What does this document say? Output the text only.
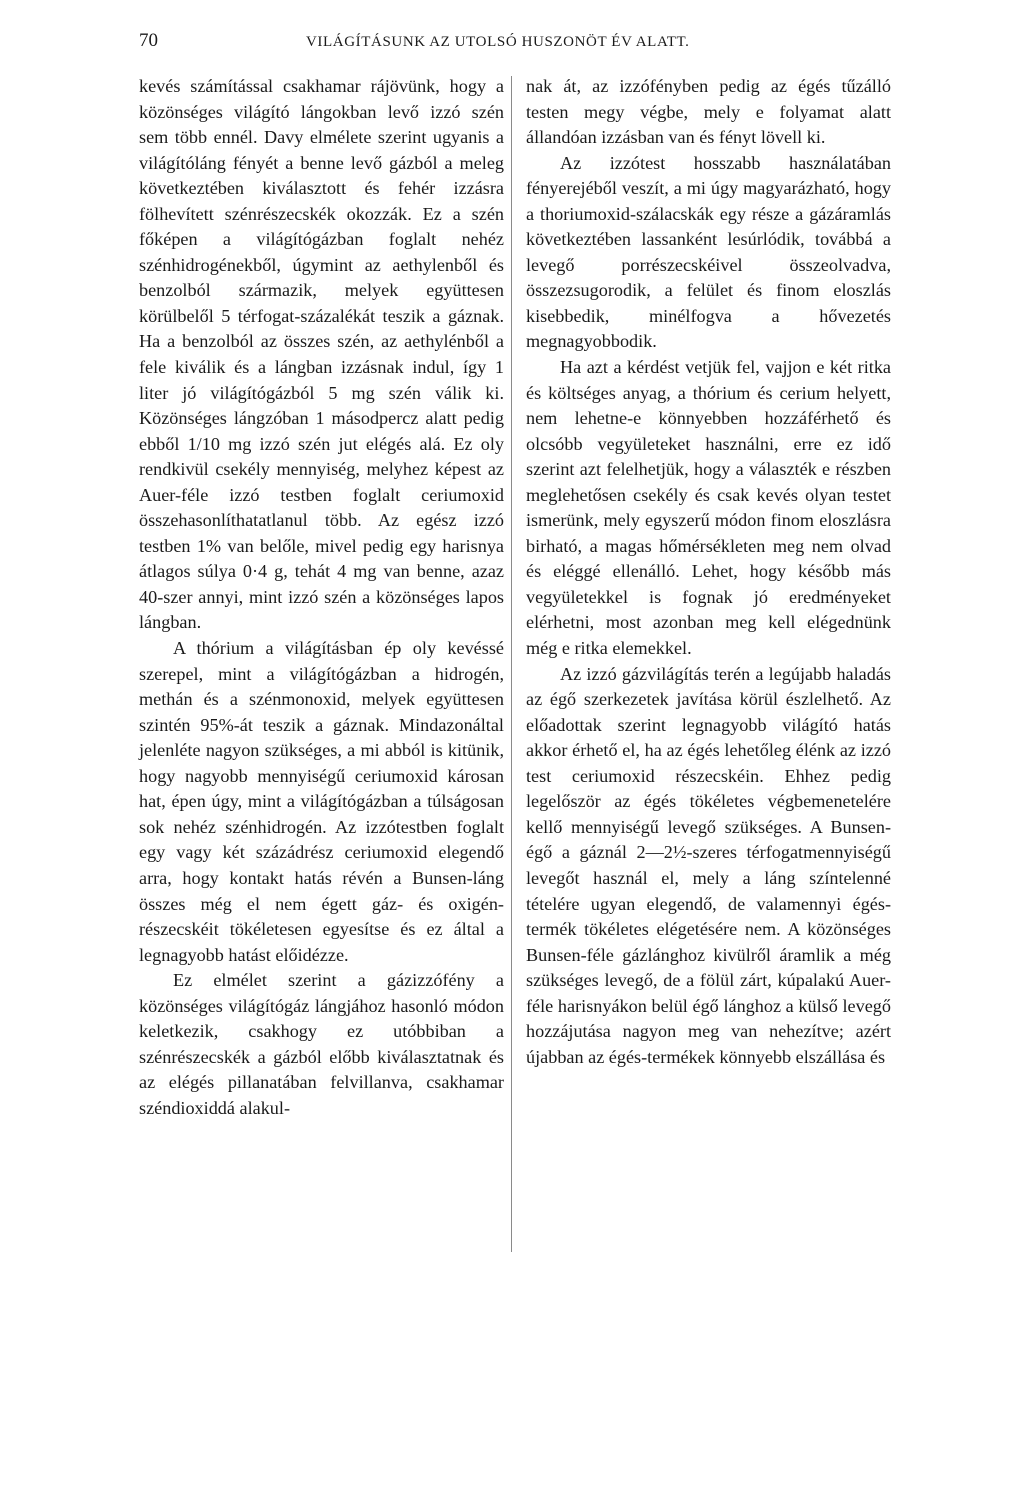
70	VILÁGÍTÁSUNK AZ UTOLSÓ HUSZONÖT ÉV ALATT.

kevés számítással csakhamar rájövünk, hogy a közönséges világító lángokban levő izzó szén sem több ennél. Davy elmélete szerint ugyanis a világítóláng fényét a benne levő gázból a meleg következtében kiválasztott és fehér izzásra fölhevített szénrészecskék okozzák. Ez a szén főképen a világítógázban foglalt nehéz szénhidrogénekből, úgymint az aethylenből és benzolból származik, melyek együttesen körülbelől 5 térfogat-százalékát teszik a gáznak. Ha a benzolból az összes szén, az aethylénből a fele kiválik és a lángban izzásnak indul, így 1 liter jó világítógázból 5 mg szén válik ki. Közönséges lángzóban 1 másodpercz alatt pedig ebből 1/10 mg izzó szén jut elégés alá. Ez oly rendkivül csekély mennyiség, melyhez képest az Auer-féle izzó testben foglalt ceriumoxid összehasonlíthatatlanul több. Az egész izzó testben 1% van belőle, mivel pedig egy harisnya átlagos súlya 0·4 g, tehát 4 mg van benne, azaz 40-szer annyi, mint izzó szén a közönséges lapos lángban.

A thórium a világításban ép oly kevéssé szerepel, mint a világítógázban a hidrogén, methán és a szénmonoxid, melyek együttesen szintén 95%-át teszik a gáznak. Mindazonáltal jelenléte nagyon szükséges, a mi abból is kitünik, hogy nagyobb mennyiségű ceriumoxid károsan hat, épen úgy, mint a világítógázban a túlságosan sok nehéz szénhidrogén. Az izzótestben foglalt egy vagy két százádrész ceriumoxid elegendő arra, hogy kontakt hatás révén a Bunsen-láng összes még el nem égett gáz- és oxigén-részecskéit tökéletesen egyesítse és ez által a legnagyobb hatást előidézze.

Ez elmélet szerint a gázizzófény a közönséges világítógáz lángjához hasonló módon keletkezik, csakhogy ez utóbbiban a szénrészecskék a gázból előbb kiválasztatnak és az elégés pillanatában felvillanva, csakhamar széndioxiddá alakul-

nak át, az izzófényben pedig az égés tűzálló testen megy végbe, mely e folyamat alatt állandóan izzásban van és fényt lövell ki.

Az izzótest hosszabb használatában fényerejéből veszít, a mi úgy magyarázható, hogy a thoriumoxid-szálacskák egy része a gázáramlás következtében lassanként lesúrlódik, továbbá a levegő porrészecskéivel összeolvadva, összezsugorodik, a felület és finom eloszlás kisebbedik, minélfogva a hővezetés megnagyobbodik.

Ha azt a kérdést vetjük fel, vajjon e két ritka és költséges anyag, a thórium és cerium helyett, nem lehetne-e könnyebben hozzáférhető és olcsóbb vegyületeket használni, erre ez idő szerint azt felelhetjük, hogy a választék e részben meglehetősen csekély és csak kevés olyan testet ismerünk, mely egyszerű módon finom eloszlásra birható, a magas hőmérsékleten meg nem olvad és eléggé ellenálló. Lehet, hogy később más vegyületekkel is fognak jó eredményeket elérhetni, most azonban meg kell elégednünk még e ritka elemekkel.

Az izzó gázvilágítás terén a legújabb haladás az égő szerkezetek javítása körül észlelhető. Az előadottak szerint legnagyobb világító hatás akkor érhető el, ha az égés lehetőleg élénk az izzó test ceriumoxid részecskéin. Ehhez pedig legelőször az égés tökéletes végbemenetelére kellő mennyiségű levegő szükséges. A Bunsen-égő a gáznál 2—2½-szeres térfogatmennyiségű levegőt használ el, mely a láng színtelenné tételére ugyan elegendő, de valamennyi égés-termék tökéletes elégetésére nem. A közönséges Bunsen-féle gázlánghoz kivülről áramlik a még szükséges levegő, de a fölül zárt, kúpalakú Auer-féle harisnyákon belül égő lánghoz a külső levegő hozzájutása nagyon meg van nehezítve; azért újabban az égés-termékek könnyebb elszállása és
